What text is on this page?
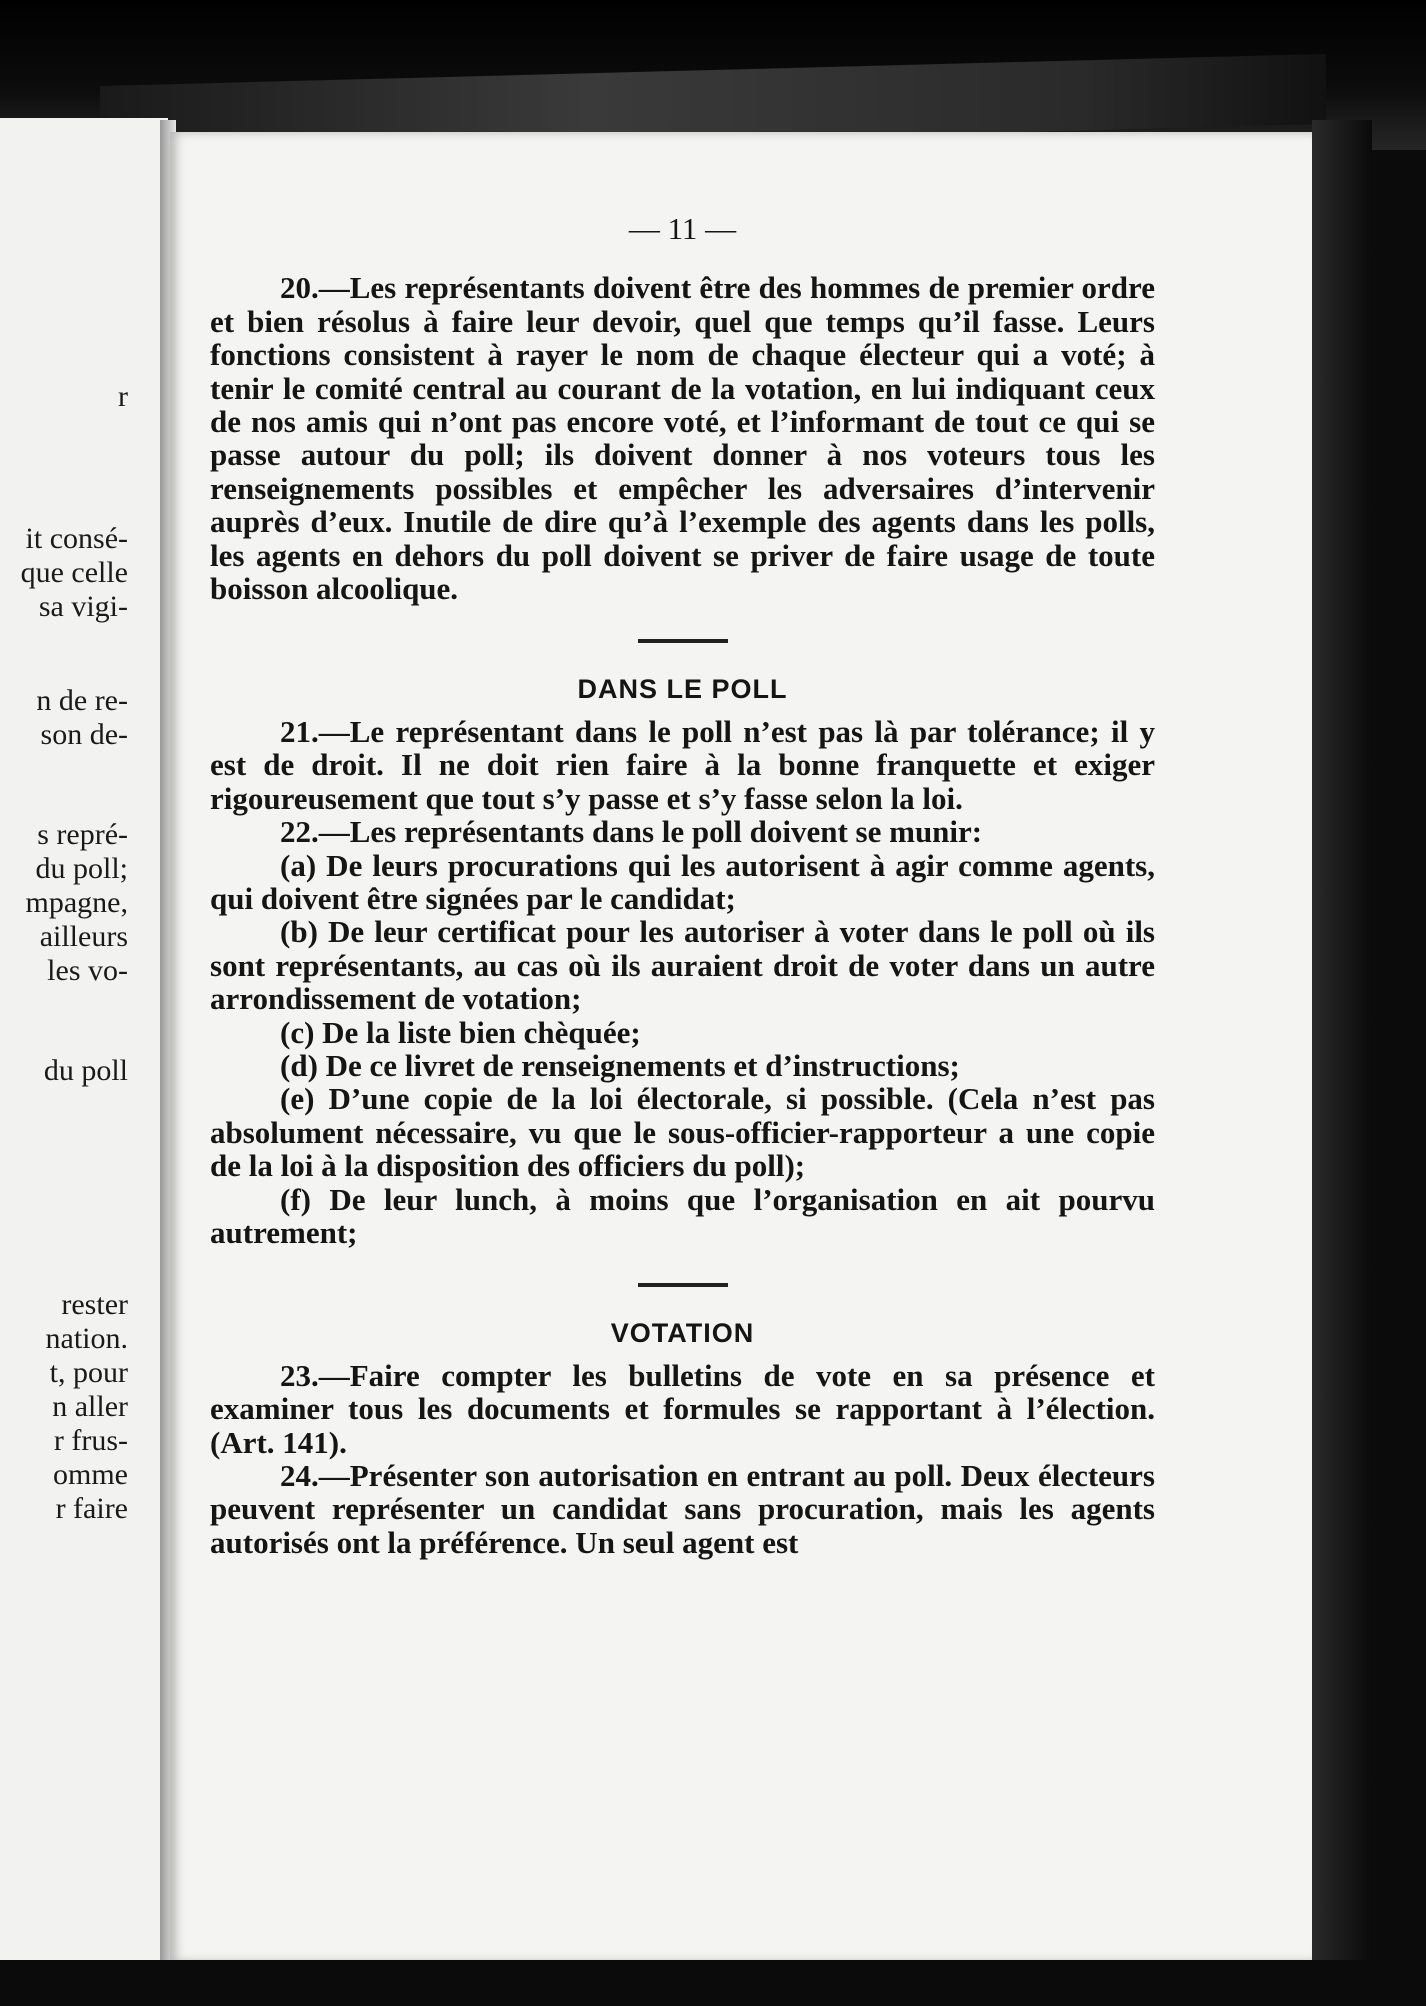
r
it consé-
que celle
sa vigi-
n de re-
son de-
s repré-
du poll;
mpagne,
ailleurs
les vo-
du poll
rester
nation.
t, pour
n aller
r frus-
omme
r faire
— 11 —

20.—Les représentants doivent être des hommes de premier ordre et bien résolus à faire leur devoir, quel que temps qu’il fasse. Leurs fonctions consistent à rayer le nom de chaque électeur qui a voté; à tenir le comité central au courant de la votation, en lui indiquant ceux de nos amis qui n’ont pas encore voté, et l’informant de tout ce qui se passe autour du poll; ils doivent donner à nos voteurs tous les renseignements possibles et empêcher les adversaires d’intervenir auprès d’eux. Inutile de dire qu’à l’exemple des agents dans les polls, les agents en dehors du poll doivent se priver de faire usage de toute boisson alcoolique.

DANS LE POLL

21.—Le représentant dans le poll n’est pas là par tolérance; il y est de droit. Il ne doit rien faire à la bonne franquette et exiger rigoureusement que tout s’y passe et s’y fasse selon la loi.

22.—Les représentants dans le poll doivent se munir:

(a) De leurs procurations qui les autorisent à agir comme agents, qui doivent être signées par le candidat;

(b) De leur certificat pour les autoriser à voter dans le poll où ils sont représentants, au cas où ils auraient droit de voter dans un autre arrondissement de votation;

(c) De la liste bien chèquée;

(d) De ce livret de renseignements et d’instructions;

(e) D’une copie de la loi électorale, si possible. (Cela n’est pas absolument nécessaire, vu que le sous-officier-rapporteur a une copie de la loi à la disposition des officiers du poll);

(f) De leur lunch, à moins que l’organisation en ait pourvu autrement;

VOTATION

23.—Faire compter les bulletins de vote en sa présence et examiner tous les documents et formules se rapportant à l’élection. (Art. 141).

24.—Présenter son autorisation en entrant au poll. Deux électeurs peuvent représenter un candidat sans procuration, mais les agents autorisés ont la préférence. Un seul agent est
